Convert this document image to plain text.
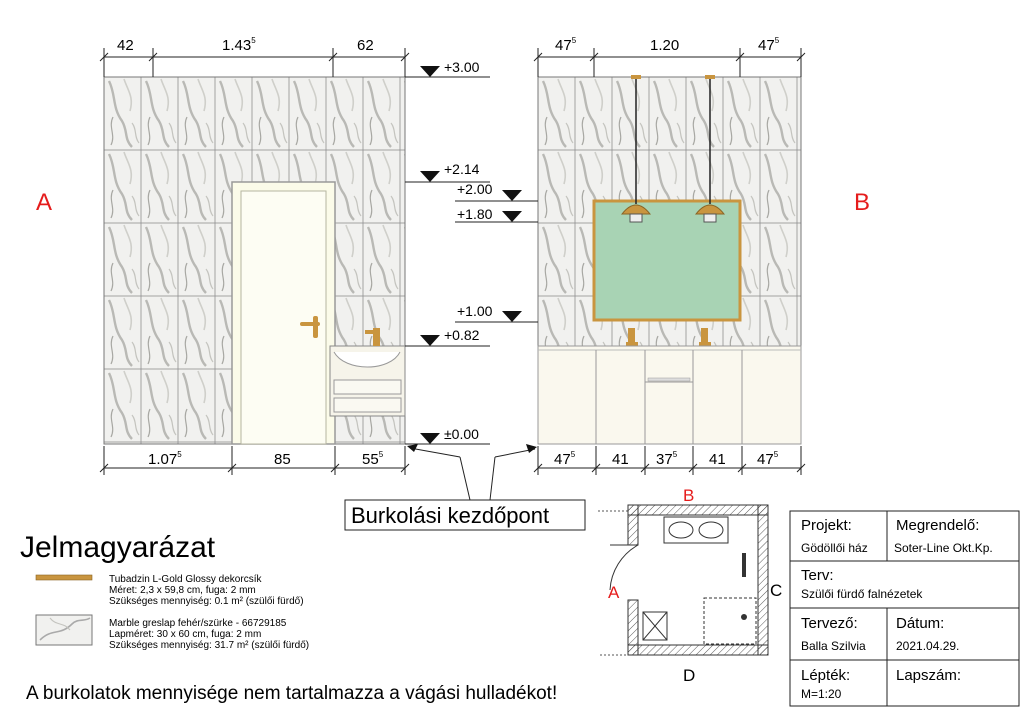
A
42	1.43$^5$	62
1.07$^5$	85	$55^5$
+3.00
+2.14
+0.82
±0.00
B
$47^5$	1.20	$47^5$
$47^5$ 41 $37^5$ 41 $47^5$
+2.00
+1.80
+1.00
Burkolási kezdőpont
Jelmagyarázat
Tubadzin L-Gold Glossy dekorcsík
Méret: 2,3 x 59,8 cm, fuga: 2 mm
Szükséges mennyiség: 0.1 m² (szülői fürdő)
Marble greslap fehér/szürke - 66729185
Lapméret: 30 x 60 cm, fuga: 2 mm
Szükséges mennyiség: 31.7 m² (szülői fürdő)
A burkolatok mennyisége nem tartalmazza a vágási hulladékot!
B
A	C
D
Projekt:
Gödöllői ház
Megrendelő:
Soter-Line Okt.Kp.
Terv:
Szülői fürdő falnézetek
Tervező:
Balla Szilvia
Dátum:
2021.04.29.
Lépték:
M=1:20
Lapszám:
